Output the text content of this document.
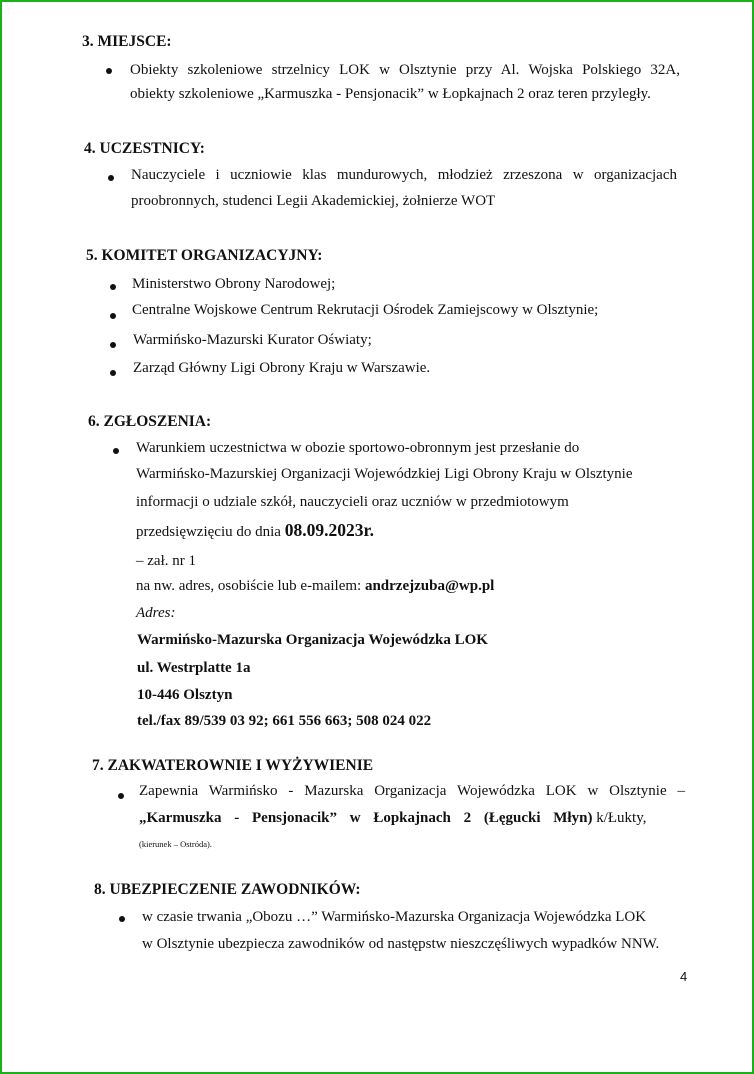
3. MIEJSCE:
Obiekty szkoleniowe strzelnicy LOK w Olsztynie przy Al. Wojska Polskiego 32A,
obiekty szkoleniowe „Karmuszka - Pensjonacik” w Łopkajnach 2 oraz teren przyległy.
4. UCZESTNICY:
Nauczyciele i uczniowie klas mundurowych, młodzież zrzeszona w organizacjach
proobronnych, studenci Legii Akademickiej, żołnierze WOT
5. KOMITET ORGANIZACYJNY:
Ministerstwo Obrony Narodowej;
Centralne Wojskowe Centrum Rekrutacji Ośrodek Zamiejscowy w Olsztynie;
Warmińsko-Mazurski Kurator Oświaty;
Zarząd Główny Ligi Obrony Kraju w Warszawie.
6. ZGŁOSZENIA:
Warunkiem uczestnictwa w obozie sportowo-obronnym jest przesłanie do
Warmińsko-Mazurskiej Organizacji Wojewódzkiej Ligi Obrony Kraju w Olsztynie
informacji o udziale szkół, nauczycieli oraz uczniów w przedmiotowym
przedsięwzięciu do dnia 08.09.2023r.
– zał. nr 1
na nw. adres, osobiście lub e-mailem: andrzejzuba@wp.pl
Adres:
Warmińsko-Mazurska Organizacja Wojewódzka LOK
ul. Westrplatte 1a
10-446 Olsztyn
tel./fax 89/539 03 92; 661 556 663; 508 024 022
7. ZAKWATEROWNIE I WYŻYWIENIE
Zapewnia Warmińsko - Mazurska Organizacja Wojewódzka LOK w Olsztynie –
„Karmuszka - Pensjonacik” w Łopkajnach 2 (Łęgucki Młyn) k/Łukty,
(kierunek – Ostróda).
8. UBEZPIECZENIE ZAWODNIKÓW:
w czasie trwania „Obozu …” Warmińsko-Mazurska Organizacja Wojewódzka LOK
w Olsztynie ubezpiecza zawodników od następstw nieszczęśliwych wypadków NNW.
4
